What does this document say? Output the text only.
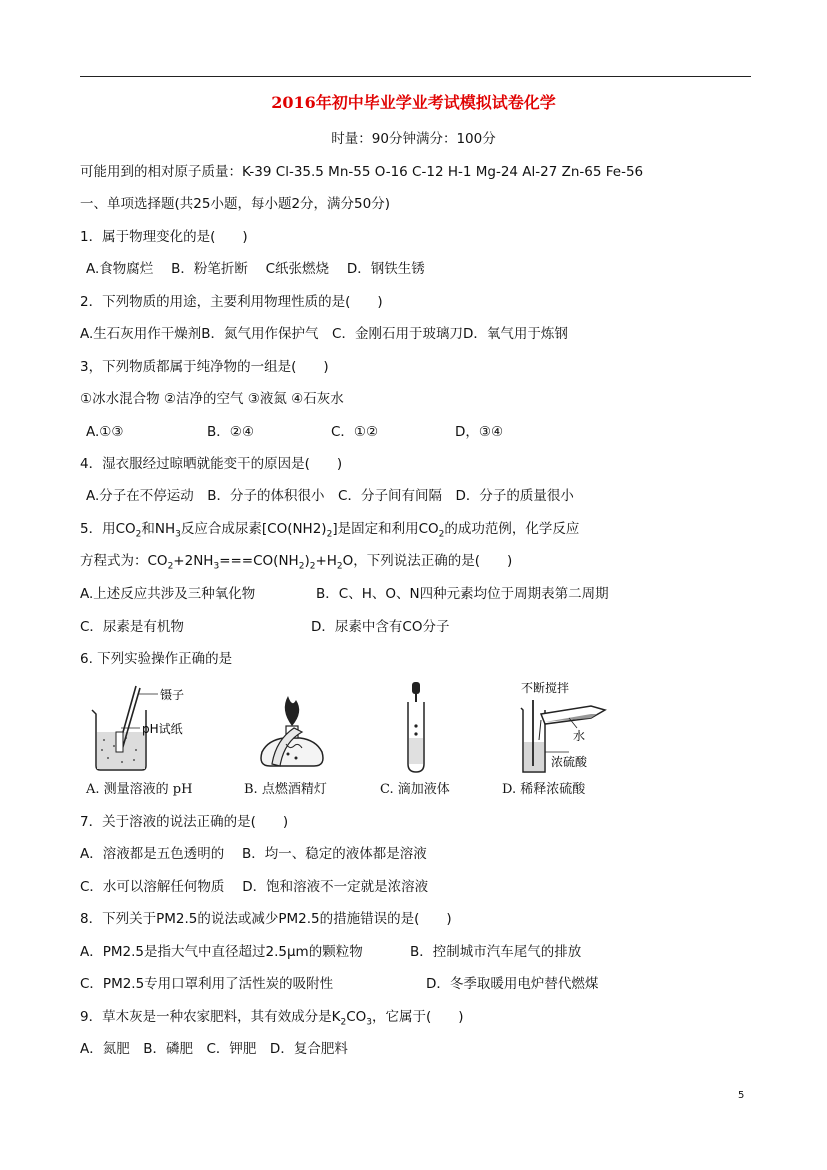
2016年初中毕业学业考试模拟试卷化学
时量：90分钟满分：100分
可能用到的相对原子质量：K-39 Cl-35.5 Mn-55 O-16 C-12 H-1 Mg-24 Al-27 Zn-65 Fe-56
一、单项选择题(共25小题，每小题2分，满分50分)
1．属于物理变化的是(　　)
A.食物腐烂　 B．粉笔折断　 C纸张燃烧　 D．钢铁生锈
2．下列物质的用途，主要利用物理性质的是(　　)
A.生石灰用作干燥剂B．氮气用作保护气　C．金刚石用于玻璃刀D．氧气用于炼钢
3，下列物质都属于纯净物的一组是(　　)
①冰水混合物 ②洁净的空气 ③液氮 ④石灰水
A.①③	B．②④	C．①②	D，③④
4．湿衣服经过晾晒就能变干的原因是(　　)
A.分子在不停运动　B．分子的体积很小　C．分子间有间隔　D．分子的质量很小
5．用$CO_2$和$NH_3$反应合成尿素$[CO(NH2)_2]$是固定和利用$CO_2$的成功范例，化学反应
方程式为：$CO_2+2NH_3===CO(NH_2)_2+H_2O$，下列说法正确的是(　　)
A.上述反应共涉及三种氧化物	B．C、H、O、N四种元素均位于周期表第二周期
C．尿素是有机物	D．尿素中含有CO分子
6. 下列实验操作正确的是
镊子
pH试纸
不断搅拌
水
浓硫酸
A. 测量溶液的 pH	B. 点燃酒精灯	C. 滴加液体	D. 稀释浓硫酸
7．关于溶液的说法正确的是(　　)
A．溶液都是五色透明的　 B．均一、稳定的液体都是溶液
C．水可以溶解任何物质　 D．饱和溶液不一定就是浓溶液
8．下列关于PM2.5的说法或减少PM2.5的措施错误的是(　　)
A．PM2.5是指大气中直径超过2.5μm的颗粒物	B．控制城市汽车尾气的排放
C．PM2.5专用口罩利用了活性炭的吸附性	D．冬季取暖用电炉替代燃煤
9．草木灰是一种农家肥料，其有效成分是$K_2CO_3$，它属于(　　)
A．氮肥　B．磷肥　C．钾肥　D．复合肥料
5
